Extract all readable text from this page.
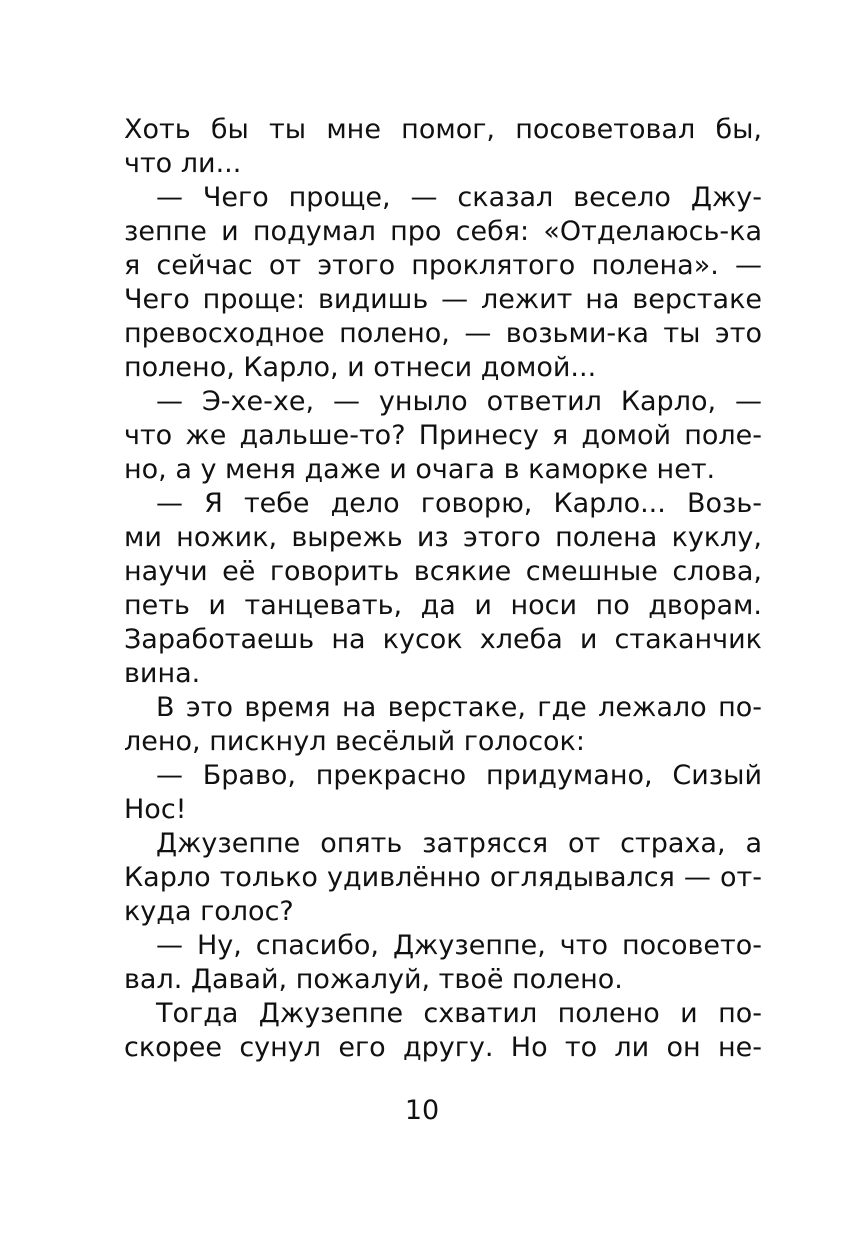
Хоть бы ты мне помог, посоветовал бы,
что ли...
— Чего проще, — сказал весело Джу-
зеппе и подумал про себя: «Отделаюсь-ка
я сейчас от этого проклятого полена». —
Чего проще: видишь — лежит на верстаке
превосходное полено, — возьми-ка ты это
полено, Карло, и отнеси домой...
— Э-хе-хе, — уныло ответил Карло, —
что же дальше-то? Принесу я домой поле-
но, а у меня даже и очага в каморке нет.
— Я тебе дело говорю, Карло... Возь-
ми ножик, вырежь из этого полена куклу,
научи её говорить всякие смешные слова,
петь и танцевать, да и носи по дворам.
Заработаешь на кусок хлеба и стаканчик
вина.
В это время на верстаке, где лежало по-
лено, пискнул весёлый голосок:
— Браво, прекрасно придумано, Сизый
Нос!
Джузеппе опять затрясся от страха, а
Карло только удивлённо оглядывался — от-
куда голос?
— Ну, спасибо, Джузеппе, что посовето-
вал. Давай, пожалуй, твоё полено.
Тогда Джузеппе схватил полено и по-
скорее сунул его другу. Но то ли он не-
10
